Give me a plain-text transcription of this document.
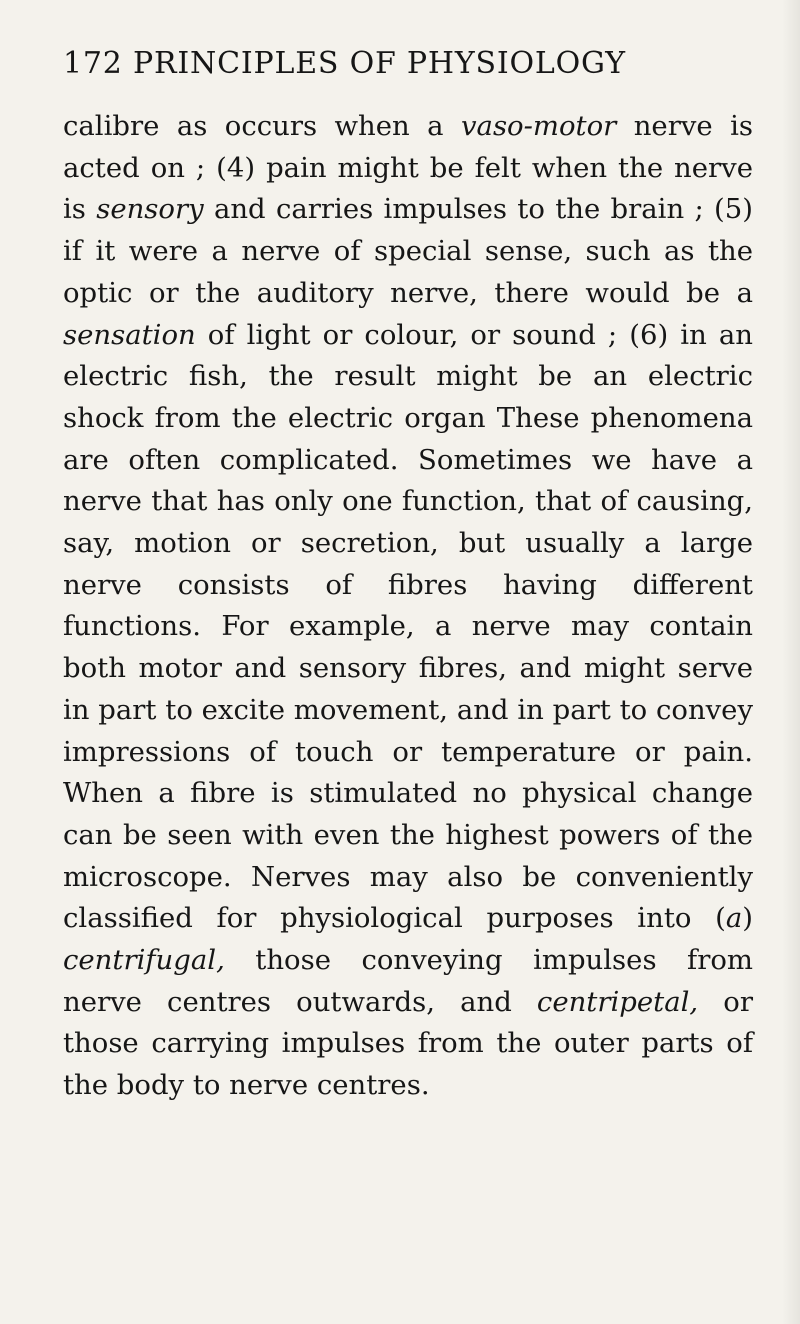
172 PRINCIPLES OF PHYSIOLOGY

calibre as occurs when a vaso-motor nerve is acted on ; (4) pain might be felt when the nerve is sensory and carries impulses to the brain ; (5) if it were a nerve of special sense, such as the optic or the auditory nerve, there would be a sensation of light or colour, or sound ; (6) in an electric fish, the result might be an electric shock from the electric organ These phenomena are often complicated. Sometimes we have a nerve that has only one function, that of causing, say, motion or secretion, but usually a large nerve consists of fibres having different functions. For example, a nerve may contain both motor and sensory fibres, and might serve in part to excite movement, and in part to convey impressions of touch or temperature or pain. When a fibre is stimulated no physical change can be seen with even the highest powers of the microscope. Nerves may also be conveniently classified for physiological purposes into (a) centrifugal, those conveying impulses from nerve centres outwards, and centripetal, or those carrying impulses from the outer parts of the body to nerve centres.
